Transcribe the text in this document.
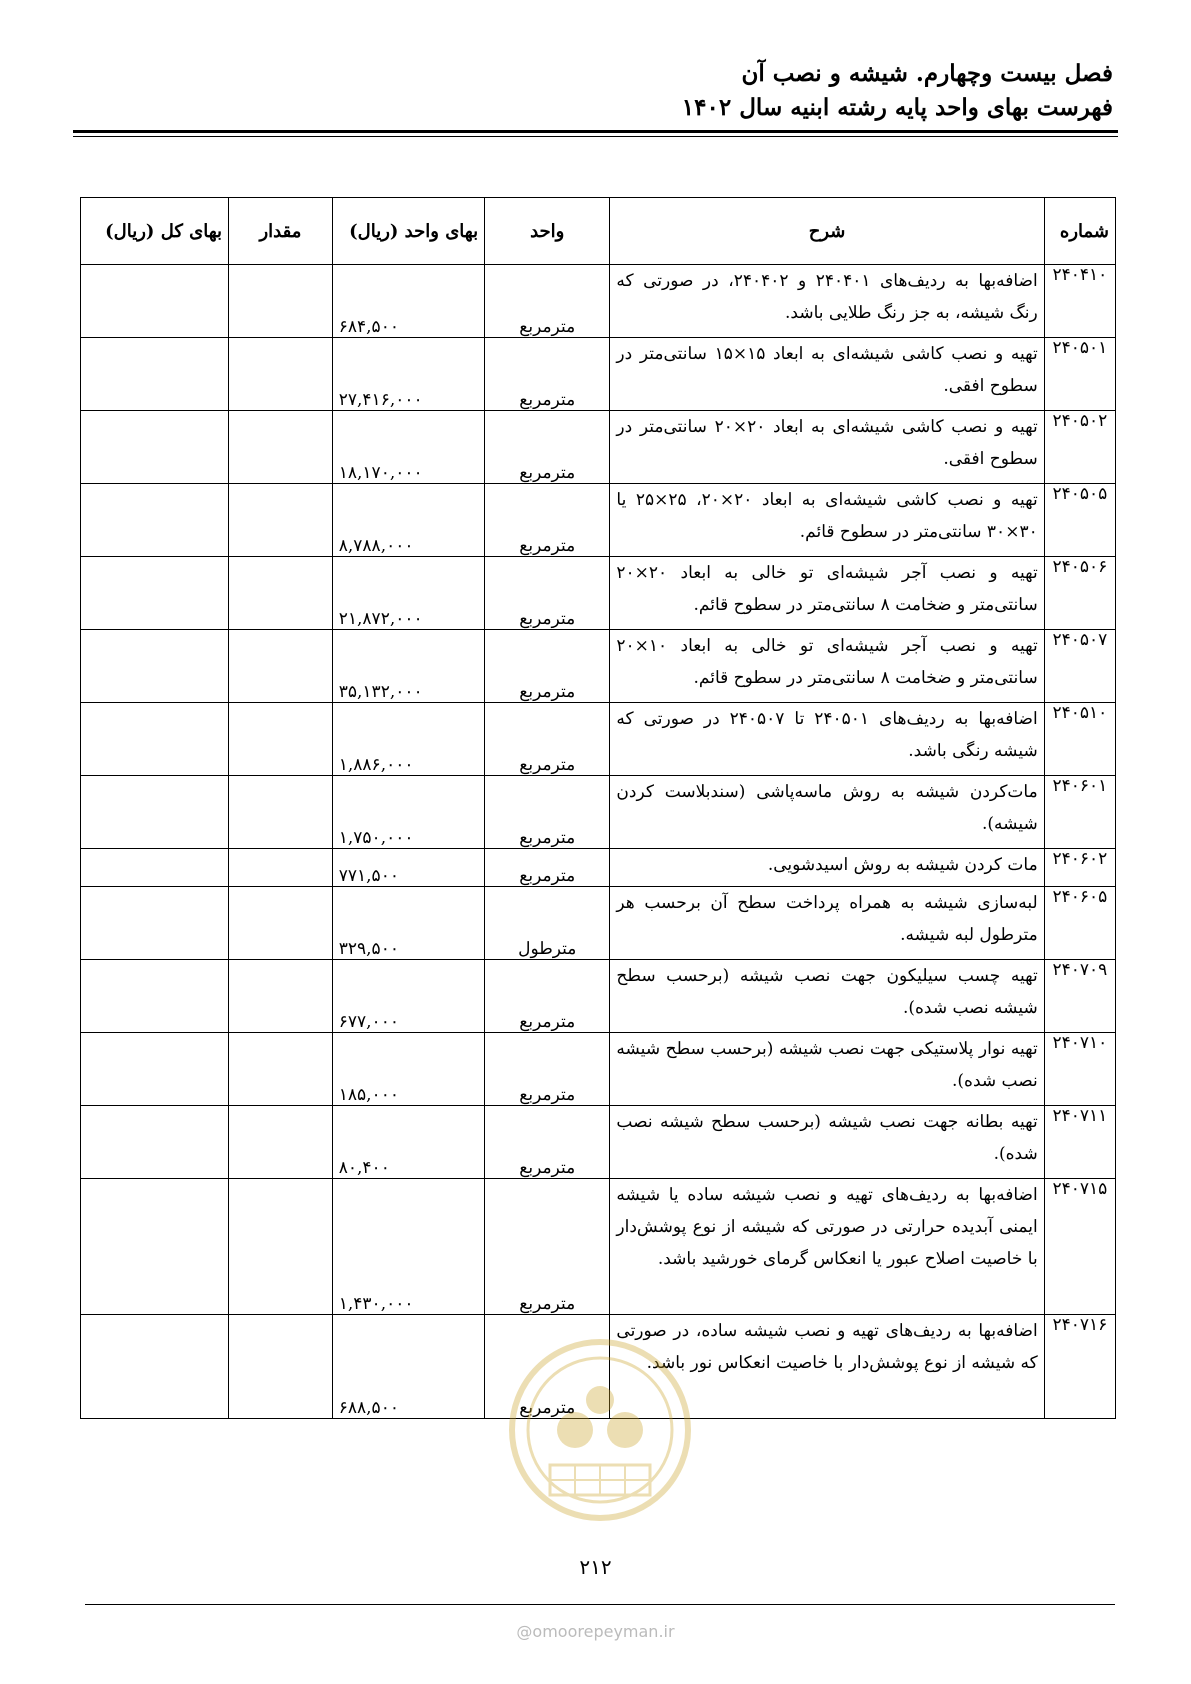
فصل بیست وچهارم. شیشه و نصب آن
فهرست بهای واحد پایه رشته ابنیه سال ۱۴۰۲
شماره	شرح	واحد	بهای واحد (ریال)	مقدار	بهای کل (ریال)
۲۴۰۴۱۰	اضافه‌بها به ردیف‌های ۲۴۰۴۰۱ و ۲۴۰۴۰۲، در صورتی که رنگ شیشه، به جز رنگ طلایی باشد.	مترمربع	۶۸۴,۵۰۰		
۲۴۰۵۰۱	تهیه و نصب کاشی شیشه‌ای به ابعاد ۱۵×۱۵ سانتی‌متر در سطوح افقی.	مترمربع	۲۷,۴۱۶,۰۰۰		
۲۴۰۵۰۲	تهیه و نصب کاشی شیشه‌ای به ابعاد ۲۰×۲۰ سانتی‌متر در سطوح افقی.	مترمربع	۱۸,۱۷۰,۰۰۰		
۲۴۰۵۰۵	تهیه و نصب کاشی شیشه‌ای به ابعاد ۲۰×۲۰، ۲۵×۲۵ یا ۳۰×۳۰ سانتی‌متر در سطوح قائم.	مترمربع	۸,۷۸۸,۰۰۰		
۲۴۰۵۰۶	تهیه و نصب آجر شیشه‌ای تو خالی به ابعاد ۲۰×۲۰ سانتی‌متر و ضخامت ۸ سانتی‌متر در سطوح قائم.	مترمربع	۲۱,۸۷۲,۰۰۰		
۲۴۰۵۰۷	تهیه و نصب آجر شیشه‌ای تو خالی به ابعاد ۱۰×۲۰ سانتی‌متر و ضخامت ۸ سانتی‌متر در سطوح قائم.	مترمربع	۳۵,۱۳۲,۰۰۰		
۲۴۰۵۱۰	اضافه‌بها به ردیف‌های ۲۴۰۵۰۱ تا ۲۴۰۵۰۷ در صورتی که شیشه رنگی باشد.	مترمربع	۱,۸۸۶,۰۰۰		
۲۴۰۶۰۱	مات‌کردن شیشه به روش ماسه‌پاشی (سندبلاست کردن شیشه).	مترمربع	۱,۷۵۰,۰۰۰		
۲۴۰۶۰۲	مات کردن شیشه به روش اسیدشویی.	مترمربع	۷۷۱,۵۰۰		
۲۴۰۶۰۵	لبه‌سازی شیشه به همراه پرداخت سطح آن برحسب هر مترطول لبه شیشه.	مترطول	۳۲۹,۵۰۰		
۲۴۰۷۰۹	تهیه چسب سیلیکون جهت نصب شیشه (برحسب سطح شیشه نصب شده).	مترمربع	۶۷۷,۰۰۰		
۲۴۰۷۱۰	تهیه نوار پلاستیکی جهت نصب شیشه (برحسب سطح شیشه نصب شده).	مترمربع	۱۸۵,۰۰۰		
۲۴۰۷۱۱	تهیه بطانه جهت نصب شیشه (برحسب سطح شیشه نصب شده).	مترمربع	۸۰,۴۰۰		
۲۴۰۷۱۵	اضافه‌بها به ردیف‌های تهیه و نصب شیشه ساده یا شیشه ایمنی آبدیده حرارتی در صورتی که شیشه از نوع پوشش‌دار با خاصیت اصلاح عبور یا انعکاس گرمای خورشید باشد.	مترمربع	۱,۴۳۰,۰۰۰		
۲۴۰۷۱۶	اضافه‌بها به ردیف‌های تهیه و نصب شیشه ساده، در صورتی که شیشه از نوع پوشش‌دار با خاصیت انعکاس نور باشد.	مترمربع	۶۸۸,۵۰۰		
۲۱۲
@omoorepeyman.ir
